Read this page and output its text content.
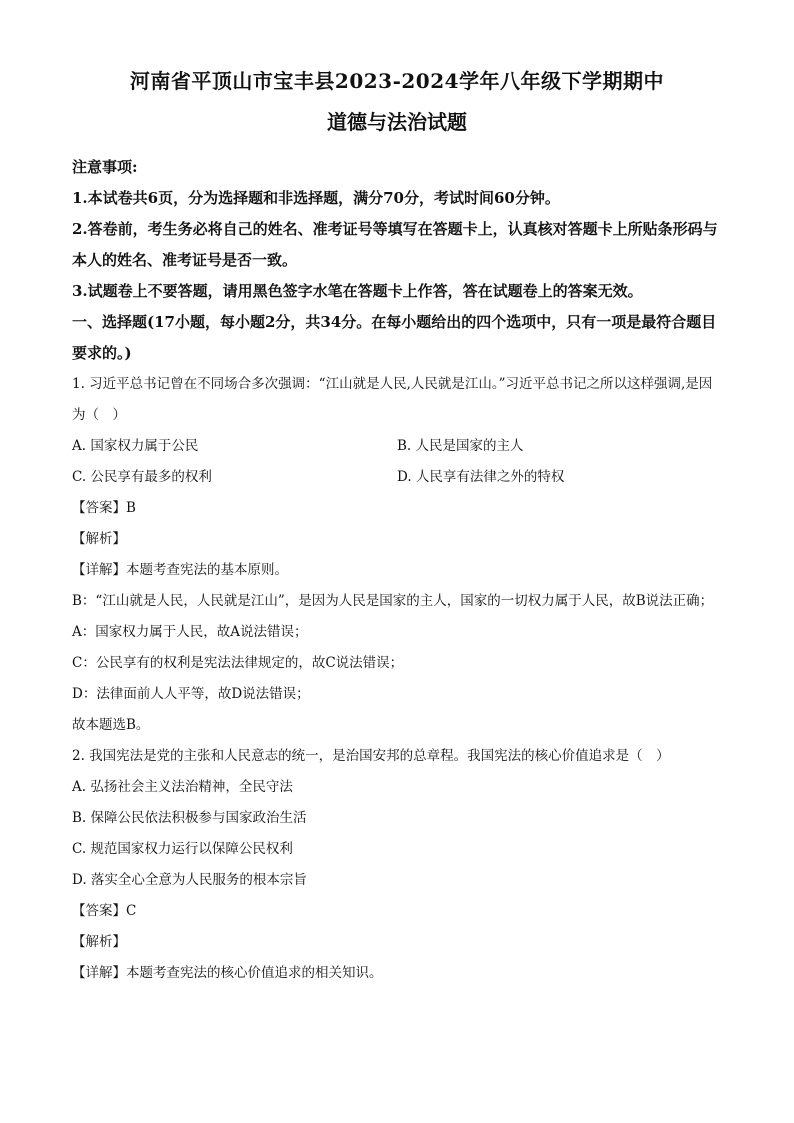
河南省平顶山市宝丰县2023-2024学年八年级下学期期中
道德与法治试题
注意事项:
1.本试卷共6页，分为选择题和非选择题，满分70分，考试时间60分钟。
2.答卷前，考生务必将自己的姓名、准考证号等填写在答题卡上，认真核对答题卡上所贴条形码与本人的姓名、准考证号是否一致。
3.试题卷上不要答题，请用黑色签字水笔在答题卡上作答，答在试题卷上的答案无效。
一、选择题(17小题，每小题2分，共34分。在每小题给出的四个选项中，只有一项是最符合题目要求的。)
1. 习近平总书记曾在不同场合多次强调：“江山就是人民,人民就是江山。”习近平总书记之所以这样强调,是因为（　）
A. 国家权力属于公民	B. 人民是国家的主人
C. 公民享有最多的权利	D. 人民享有法律之外的特权
【答案】B
【解析】
【详解】本题考查宪法的基本原则。
B：“江山就是人民，人民就是江山”，是因为人民是国家的主人，国家的一切权力属于人民，故B说法正确；
A：国家权力属于人民，故A说法错误；
C：公民享有的权利是宪法法律规定的，故C说法错误；
D：法律面前人人平等，故D说法错误；
故本题选B。
2. 我国宪法是党的主张和人民意志的统一，是治国安邦的总章程。我国宪法的核心价值追求是（　）
A. 弘扬社会主义法治精神，全民守法
B. 保障公民依法积极参与国家政治生活
C. 规范国家权力运行以保障公民权利
D. 落实全心全意为人民服务的根本宗旨
【答案】C
【解析】
【详解】本题考查宪法的核心价值追求的相关知识。
